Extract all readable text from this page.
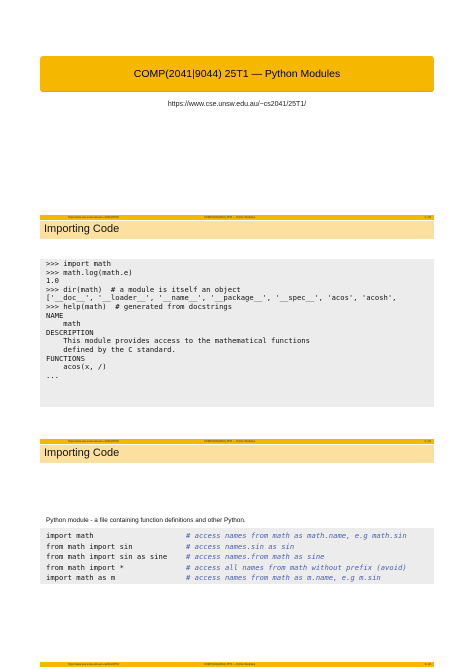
COMP(2041|9044) 25T1 — Python Modules
https://www.cse.unsw.edu.au/~cs2041/25T1/
https://www.cse.unsw.edu.au/~cs2041/25T1/	COMP(2041|9044) 25T1 — Python Modules	1 / 22
Importing Code
>>> import math
>>> math.log(math.e)
1.0
>>> dir(math)  # a module is itself an object
['__doc__', '__loader__', '__name__', '__package__', '__spec__', 'acos', 'acosh',
>>> help(math)  # generated from docstrings
NAME
math
DESCRIPTION
This module provides access to the mathematical functions
defined by the C standard.
FUNCTIONS
acos(x, /)
...
https://www.cse.unsw.edu.au/~cs2041/25T1/	COMP(2041|9044) 25T1 — Python Modules	2 / 22
Importing Code
Python module - a file containing function definitions and other Python.
import math	# access names from math as math.name, e.g math.sin
from math import sin	# access names.sin as sin
from math import sin as sine	# access names.from math as sine
from math import *	# access all names from math without prefix (avoid)
import math as m	# access names from math as m.name, e.g m.sin
https://www.cse.unsw.edu.au/~cs2041/25T1/	COMP(2041|9044) 25T1 — Python Modules	3 / 22
